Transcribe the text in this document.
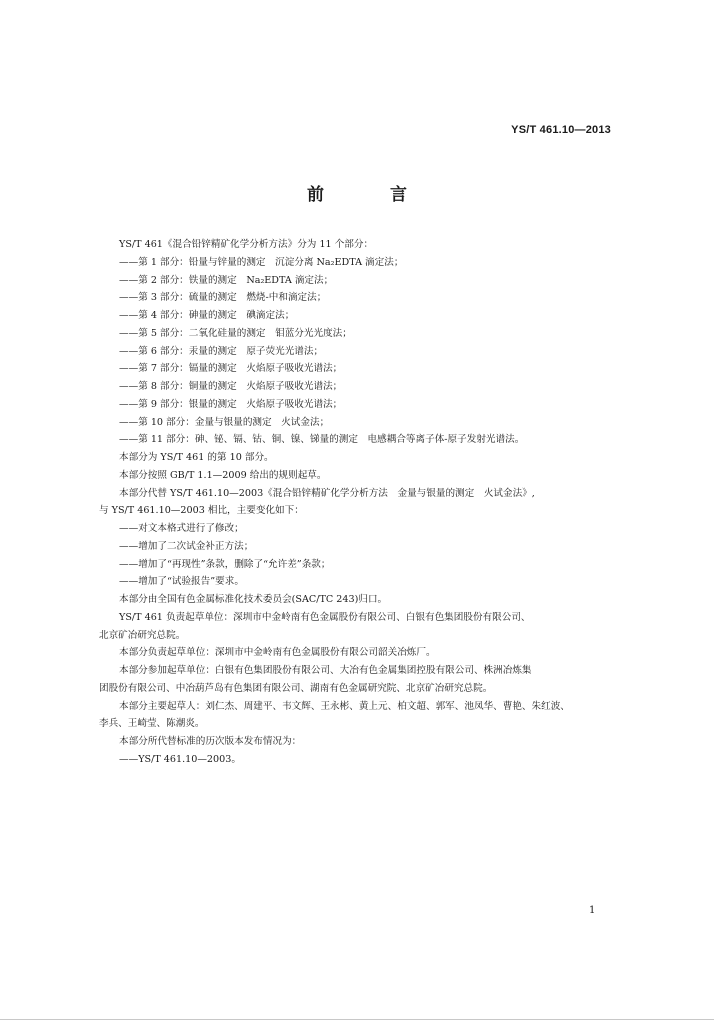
YS/T 461.10—2013
前 言
YS/T 461《混合铅锌精矿化学分析方法》分为 11 个部分：
——第 1 部分：铅量与锌量的测定　沉淀分离 Na₂EDTA 滴定法；
——第 2 部分：铁量的测定　Na₂EDTA 滴定法；
——第 3 部分：硫量的测定　燃烧-中和滴定法；
——第 4 部分：砷量的测定　碘滴定法；
——第 5 部分：二氧化硅量的测定　钼蓝分光光度法；
——第 6 部分：汞量的测定　原子荧光光谱法；
——第 7 部分：镉量的测定　火焰原子吸收光谱法；
——第 8 部分：铜量的测定　火焰原子吸收光谱法；
——第 9 部分：银量的测定　火焰原子吸收光谱法；
——第 10 部分：金量与银量的测定　火试金法；
——第 11 部分：砷、铋、镉、钴、铜、镍、锑量的测定　电感耦合等离子体-原子发射光谱法。
本部分为 YS/T 461 的第 10 部分。
本部分按照 GB/T 1.1—2009 给出的规则起草。
本部分代替 YS/T 461.10—2003《混合铅锌精矿化学分析方法　金量与银量的测定　火试金法》,
与 YS/T 461.10—2003 相比，主要变化如下：
——对文本格式进行了修改；
——增加了二次试金补正方法；
——增加了“再现性”条款，删除了“允许差”条款；
——增加了“试验报告”要求。
本部分由全国有色金属标准化技术委员会(SAC/TC 243)归口。
YS/T 461 负责起草单位：深圳市中金岭南有色金属股份有限公司、白银有色集团股份有限公司、
北京矿冶研究总院。
本部分负责起草单位：深圳市中金岭南有色金属股份有限公司韶关冶炼厂。
本部分参加起草单位：白银有色集团股份有限公司、大冶有色金属集团控股有限公司、株洲冶炼集
团股份有限公司、中冶葫芦岛有色集团有限公司、湖南有色金属研究院、北京矿冶研究总院。
本部分主要起草人：刘仁杰、周建平、韦文辉、王永彬、黄上元、柏文超、郭军、池凤华、曹艳、朱红波、
李兵、王崎莹、陈潮炎。
本部分所代替标准的历次版本发布情况为：
——YS/T 461.10—2003。
1
